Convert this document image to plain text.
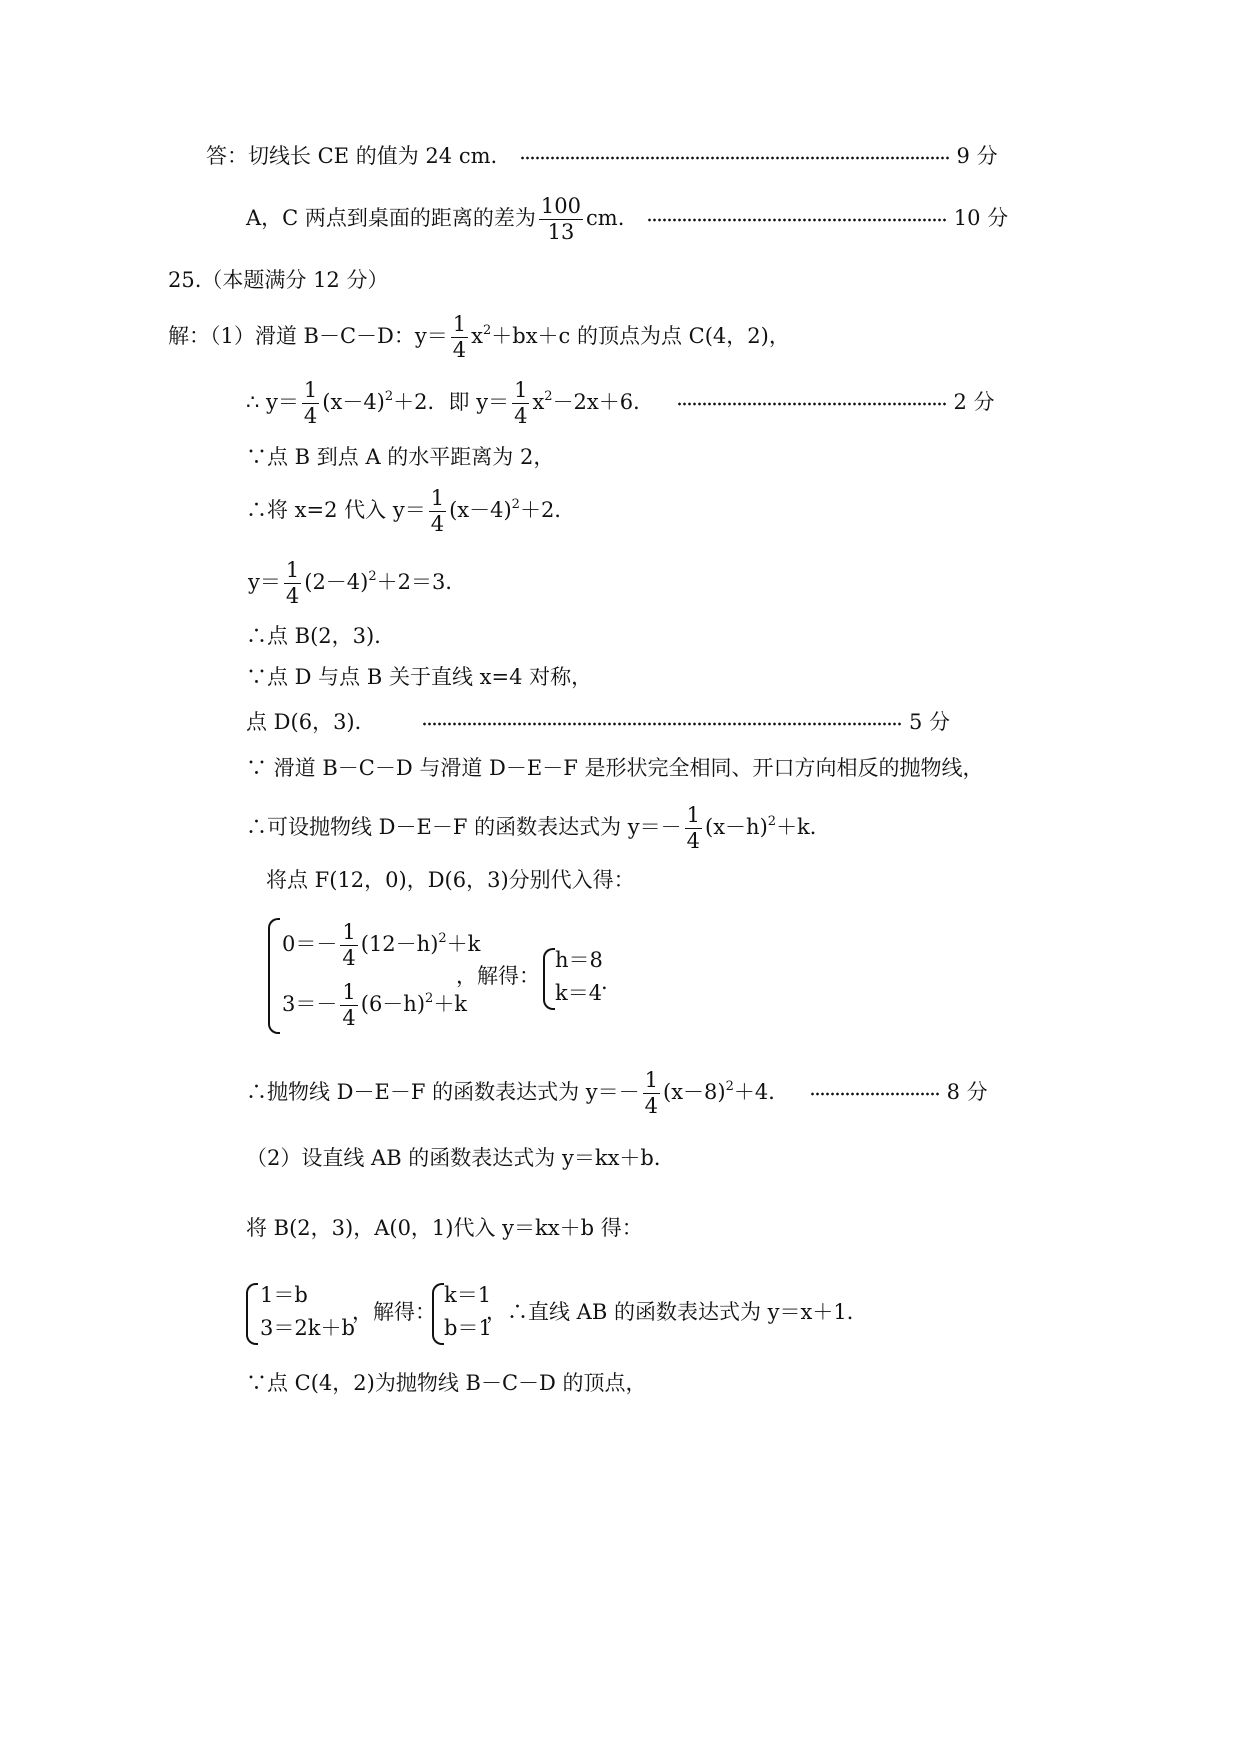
答：切线长 CE 的值为 24 cm.	9 分
A，C 两点到桌面的距离的差为 $\frac{100}{13}$ cm.	10 分
25.（本题满分 12 分）
解：（1）滑道 B－C－D：$y= \frac{1}{4} x^2+bx+c$ 的顶点为点 C(4，2)，
∴ $y= \frac{1}{4} (x-4)^2+2$．即 $y= \frac{1}{4} x^2-2x+6$．	2 分
∵点 B 到点 A 的水平距离为 2，
∴将 x=2 代入 $y= \frac{1}{4} (x-4)^2+2$．
$y= \frac{1}{4} (2-4)^2+2=3$．
∴点 B(2，3)．
∵点 D 与点 B 关于直线 x=4 对称，
点 D(6，3)．	5 分
∵ 滑道 B－C－D 与滑道 D－E－F 是形状完全相同、开口方向相反的抛物线，
∴可设抛物线 D－E－F 的函数表达式为 $y=- \frac{1}{4} (x-h)^2+k$．
将点 F(12，0)，D(6，3)分别代入得：
$0=- \frac{1}{4} (12-h)^2+k$
$3=- \frac{1}{4} (6-h)^2+k$
，解得：
h＝8
k＝4
.
∴抛物线 D－E－F 的函数表达式为 $y=- \frac{1}{4} (x-8)^2+4$．	8 分
（2）设直线 AB 的函数表达式为 y＝kx＋b．
将 B(2，3)，A(0，1)代入 y＝kx＋b 得：
1＝b
3＝2k＋b
，解得：
k＝1
b＝1
，∴直线 AB 的函数表达式为 y＝x＋1．
∵点 C(4，2)为抛物线 B－C－D 的顶点，
